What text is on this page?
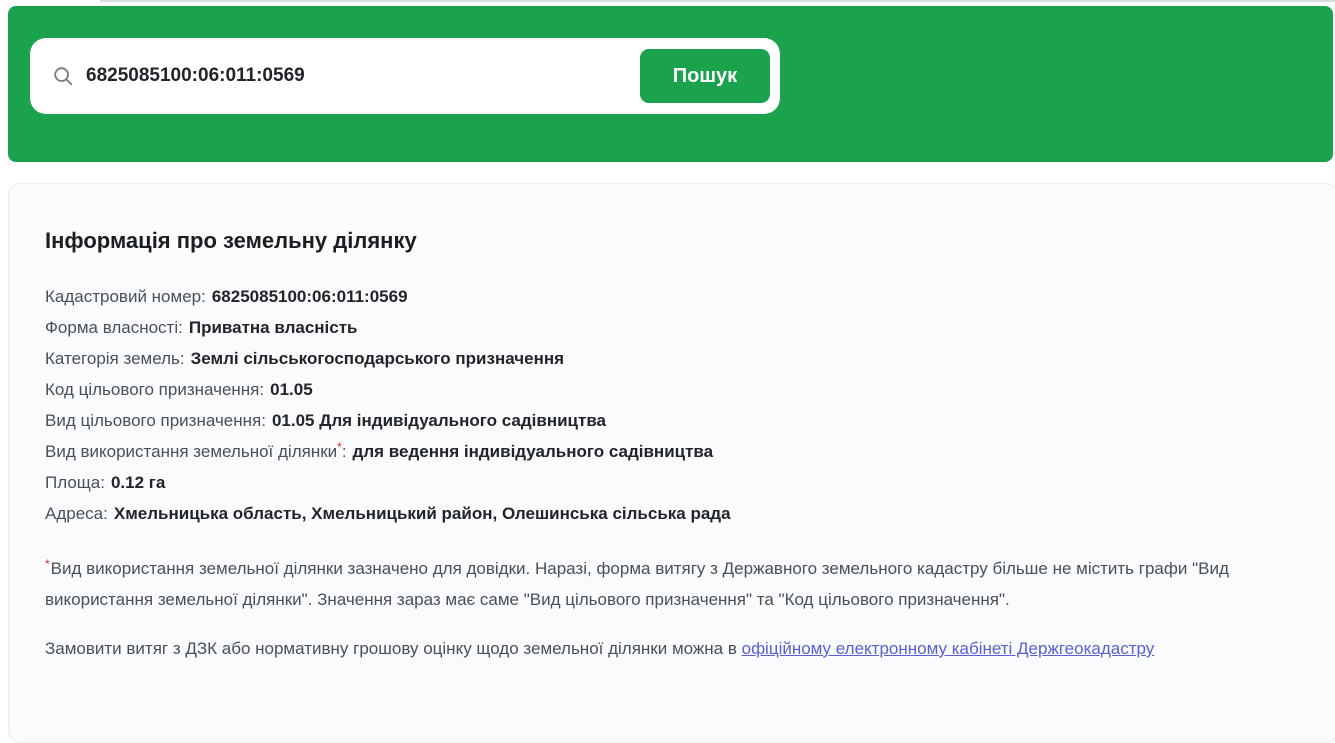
6825085100:06:011:0569
Пошук
Інформація про земельну ділянку
Кадастровий номер: 6825085100:06:011:0569
Форма власності: Приватна власність
Категорія земель: Землі сільськогосподарського призначення
Код цільового призначення: 01.05
Вид цільового призначення: 01.05 Для індивідуального садівництва
Вид використання земельної ділянки*: для ведення індивідуального садівництва
Площа: 0.12 га
Адреса: Хмельницька область, Хмельницький район, Олешинська сільська рада

*Вид використання земельної ділянки зазначено для довідки. Наразі, форма витягу з Державного земельного кадастру більше не містить графи "Вид використання земельної ділянки". Значення зараз має саме "Вид цільового призначення" та "Код цільового призначення".

Замовити витяг з ДЗК або нормативну грошову оцінку щодо земельної ділянки можна в офіційному електронному кабінеті Держгеокадастру
